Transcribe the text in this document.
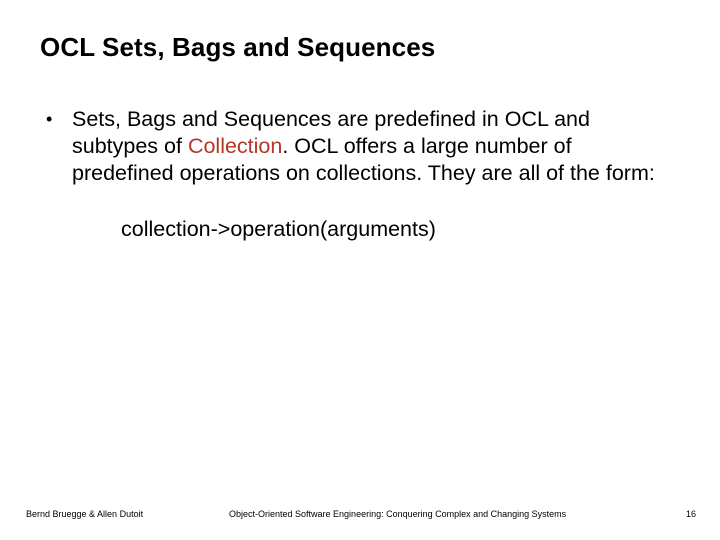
OCL Sets, Bags and Sequences
• Sets, Bags and Sequences are predefined in OCL and subtypes of Collection. OCL offers a large number of predefined operations on collections. They are all of the form:
collection->operation(arguments)
Bernd Bruegge & Allen Dutoit	Object-Oriented Software Engineering: Conquering Complex and Changing Systems	16
